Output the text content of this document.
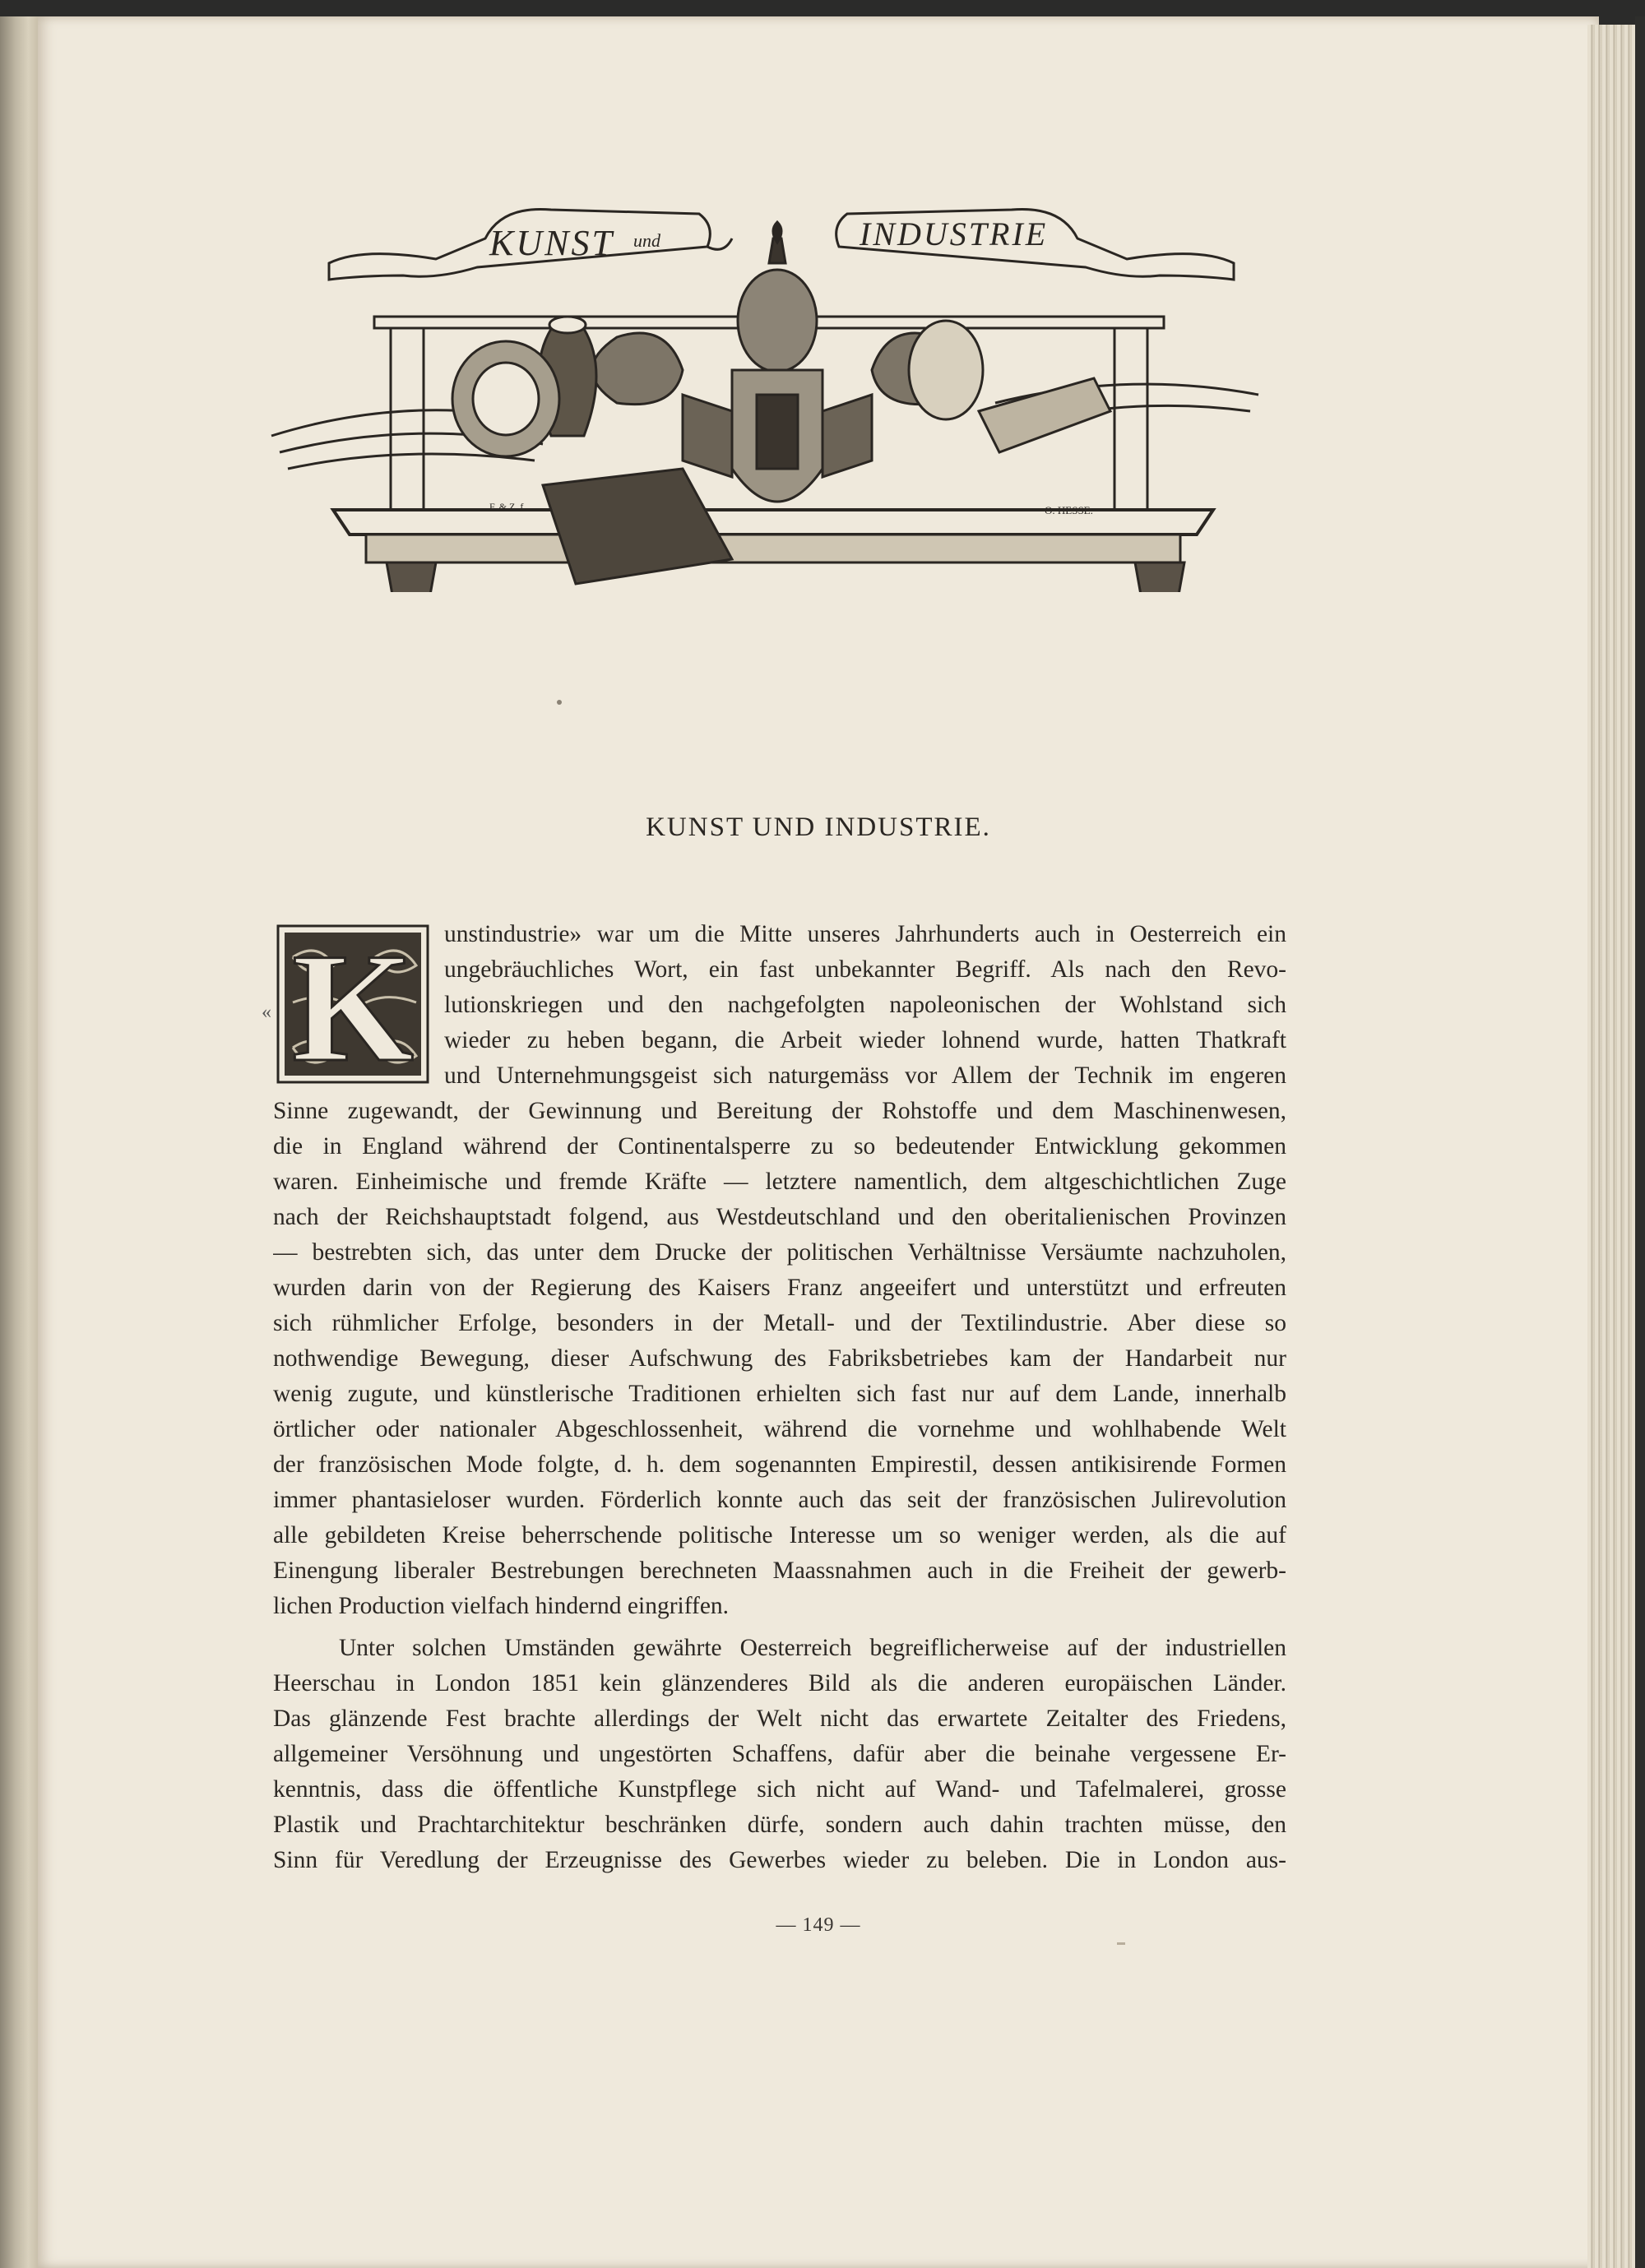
KUNST und	INDUSTRIE
F. & Z. f.	O. HESSE.
KUNST UND INDUSTRIE.
« K unstindustrie» war um die Mitte unseres Jahrhunderts auch in Oesterreich ein
ungebräuchliches Wort, ein fast unbekannter Begriff. Als nach den Revo-
lutionskriegen und den nachgefolgten napoleonischen der Wohlstand sich
wieder zu heben begann, die Arbeit wieder lohnend wurde, hatten Thatkraft
und Unternehmungsgeist sich naturgemäss vor Allem der Technik im engeren
Sinne zugewandt, der Gewinnung und Bereitung der Rohstoffe und dem Maschinenwesen,
die in England während der Continentalsperre zu so bedeutender Entwicklung gekommen
waren. Einheimische und fremde Kräfte — letztere namentlich, dem altgeschichtlichen Zuge
nach der Reichshauptstadt folgend, aus Westdeutschland und den oberitalienischen Provinzen
— bestrebten sich, das unter dem Drucke der politischen Verhältnisse Versäumte nachzuholen,
wurden darin von der Regierung des Kaisers Franz angeeifert und unterstützt und erfreuten
sich rühmlicher Erfolge, besonders in der Metall- und der Textilindustrie. Aber diese so
nothwendige Bewegung, dieser Aufschwung des Fabriksbetriebes kam der Handarbeit nur
wenig zugute, und künstlerische Traditionen erhielten sich fast nur auf dem Lande, innerhalb
örtlicher oder nationaler Abgeschlossenheit, während die vornehme und wohlhabende Welt
der französischen Mode folgte, d. h. dem sogenannten Empirestil, dessen antikisirende Formen
immer phantasieloser wurden. Förderlich konnte auch das seit der französischen Julirevolution
alle gebildeten Kreise beherrschende politische Interesse um so weniger werden, als die auf
Einengung liberaler Bestrebungen berechneten Maassnahmen auch in die Freiheit der gewerb-
lichen Production vielfach hindernd eingriffen.
Unter solchen Umständen gewährte Oesterreich begreiflicherweise auf der industriellen
Heerschau in London 1851 kein glänzenderes Bild als die anderen europäischen Länder.
Das glänzende Fest brachte allerdings der Welt nicht das erwartete Zeitalter des Friedens,
allgemeiner Versöhnung und ungestörten Schaffens, dafür aber die beinahe vergessene Er-
kenntnis, dass die öffentliche Kunstpflege sich nicht auf Wand- und Tafelmalerei, grosse
Plastik und Prachtarchitektur beschränken dürfe, sondern auch dahin trachten müsse, den
Sinn für Veredlung der Erzeugnisse des Gewerbes wieder zu beleben. Die in London aus-
— 149 —
